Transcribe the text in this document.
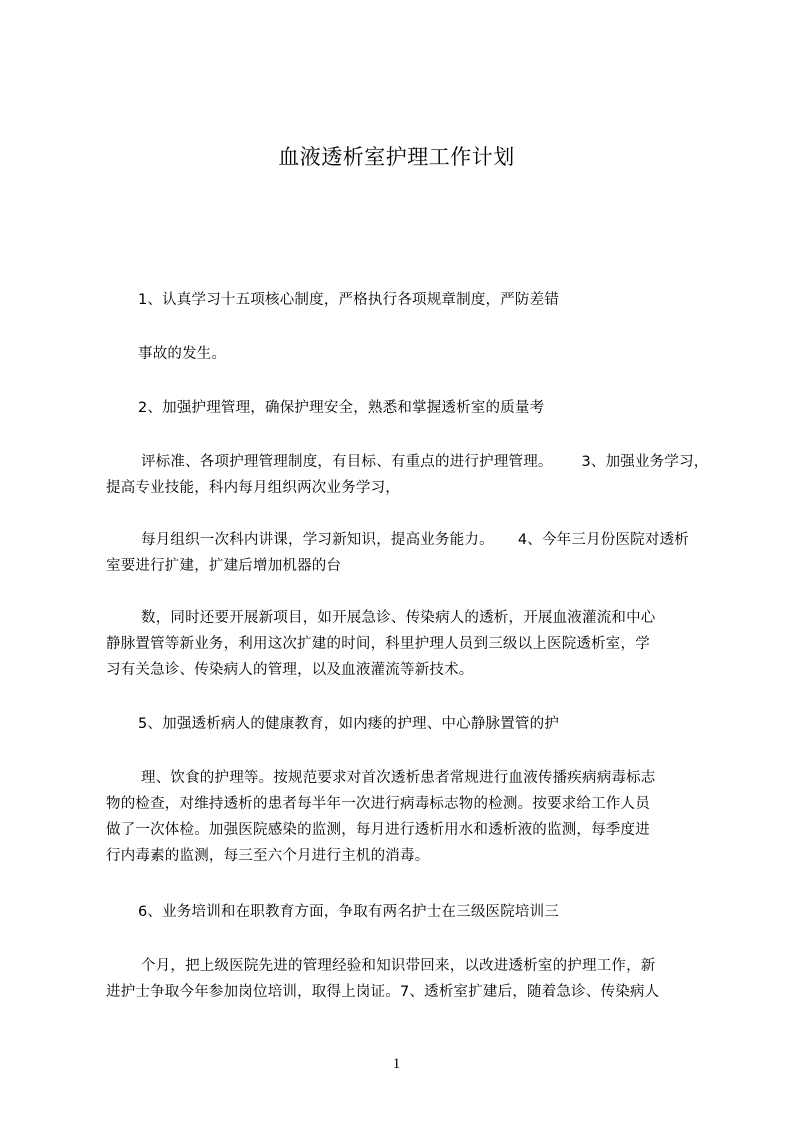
血液透析室护理工作计划
1、认真学习十五项核心制度，严格执行各项规章制度，严防差错
事故的发生。
2、加强护理管理，确保护理安全，熟悉和掌握透析室的质量考
评标准、各项护理管理制度，有目标、有重点的进行护理管理。      3、加强业务学习，
提高专业技能，科内每月组织两次业务学习，
每月组织一次科内讲课，学习新知识，提高业务能力。     4、今年三月份医院对透析
室要进行扩建，扩建后增加机器的台
数，同时还要开展新项目，如开展急诊、传染病人的透析，开展血液灌流和中心
静脉置管等新业务，利用这次扩建的时间，科里护理人员到三级以上医院透析室，学
习有关急诊、传染病人的管理，以及血液灌流等新技术。
5、加强透析病人的健康教育，如内瘘的护理、中心静脉置管的护
理、饮食的护理等。按规范要求对首次透析患者常规进行血液传播疾病病毒标志
物的检查，对维持透析的患者每半年一次进行病毒标志物的检测。按要求给工作人员
做了一次体检。加强医院感染的监测，每月进行透析用水和透析液的监测，每季度进
行内毒素的监测，每三至六个月进行主机的消毒。
6、业务培训和在职教育方面，争取有两名护士在三级医院培训三
个月，把上级医院先进的管理经验和知识带回来，以改进透析室的护理工作，新
进护士争取今年参加岗位培训，取得上岗证。7、透析室扩建后，随着急诊、传染病人
1
